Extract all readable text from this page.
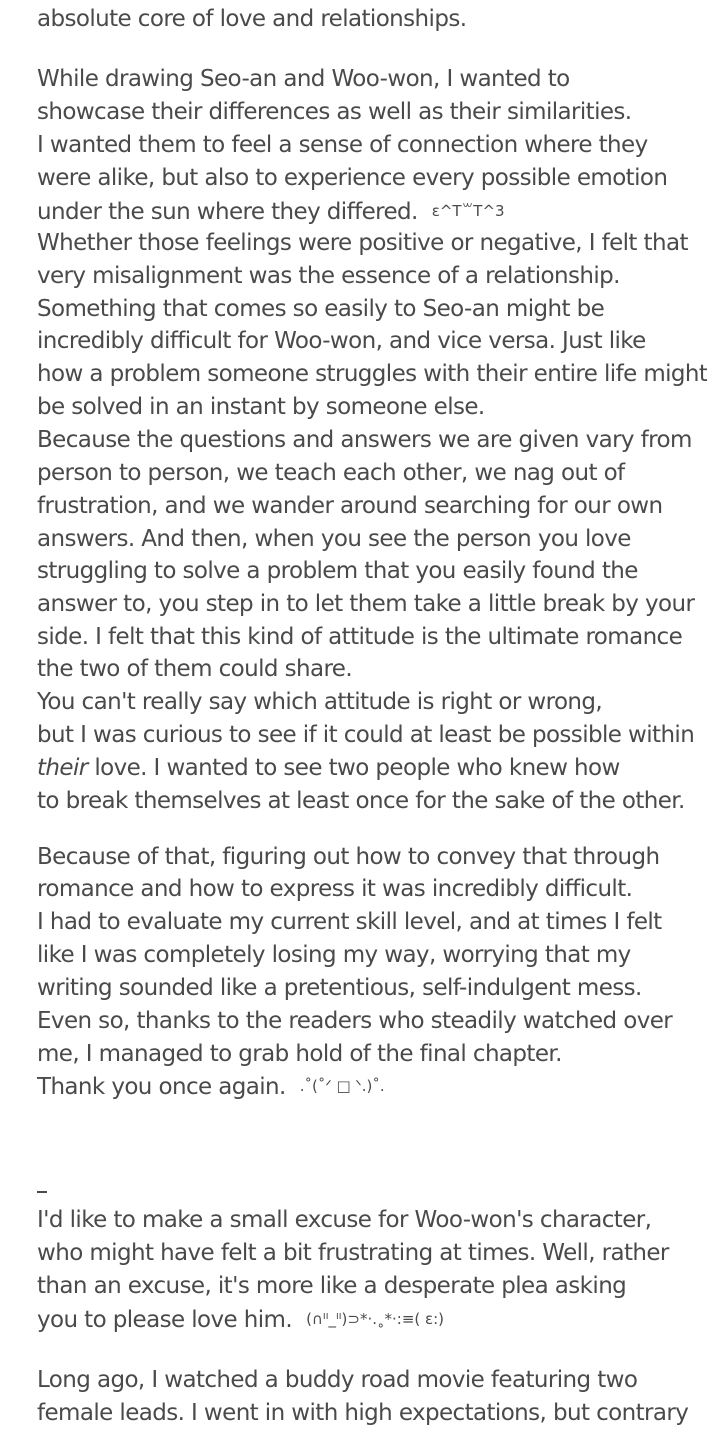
absolute core of love and relationships.
While drawing Seo-an and Woo-won, I wanted to
showcase their differences as well as their similarities.
I wanted them to feel a sense of connection where they
were alike, but also to experience every possible emotion
under the sun where they differed. ε^T꒳T^3
Whether those feelings were positive or negative, I felt that
very misalignment was the essence of a relationship.
Something that comes so easily to Seo-an might be
incredibly difficult for Woo-won, and vice versa. Just like
how a problem someone struggles with their entire life might
be solved in an instant by someone else.
Because the questions and answers we are given vary from
person to person, we teach each other, we nag out of
frustration, and we wander around searching for our own
answers. And then, when you see the person you love
struggling to solve a problem that you easily found the
answer to, you step in to let them take a little break by your
side. I felt that this kind of attitude is the ultimate romance
the two of them could share.
You can't really say which attitude is right or wrong,
but I was curious to see if it could at least be possible within
their love. I wanted to see two people who knew how
to break themselves at least once for the sake of the other.
Because of that, figuring out how to convey that through
romance and how to express it was incredibly difficult.
I had to evaluate my current skill level, and at times I felt
like I was completely losing my way, worrying that my
writing sounded like a pretentious, self-indulgent mess.
Even so, thanks to the readers who steadily watched over
me, I managed to grab hold of the final chapter.
Thank you once again. .˚(˚ᐟ □ ᐠ.)˚.
I'd like to make a small excuse for Woo-won's character,
who might have felt a bit frustrating at times. Well, rather
than an excuse, it's more like a desperate plea asking
you to please love him. (∩ᴵᴵ_ᴵᴵ)⊃*·.˳*·:≡( ε:)
Long ago, I watched a buddy road movie featuring two
female leads. I went in with high expectations, but contrary
